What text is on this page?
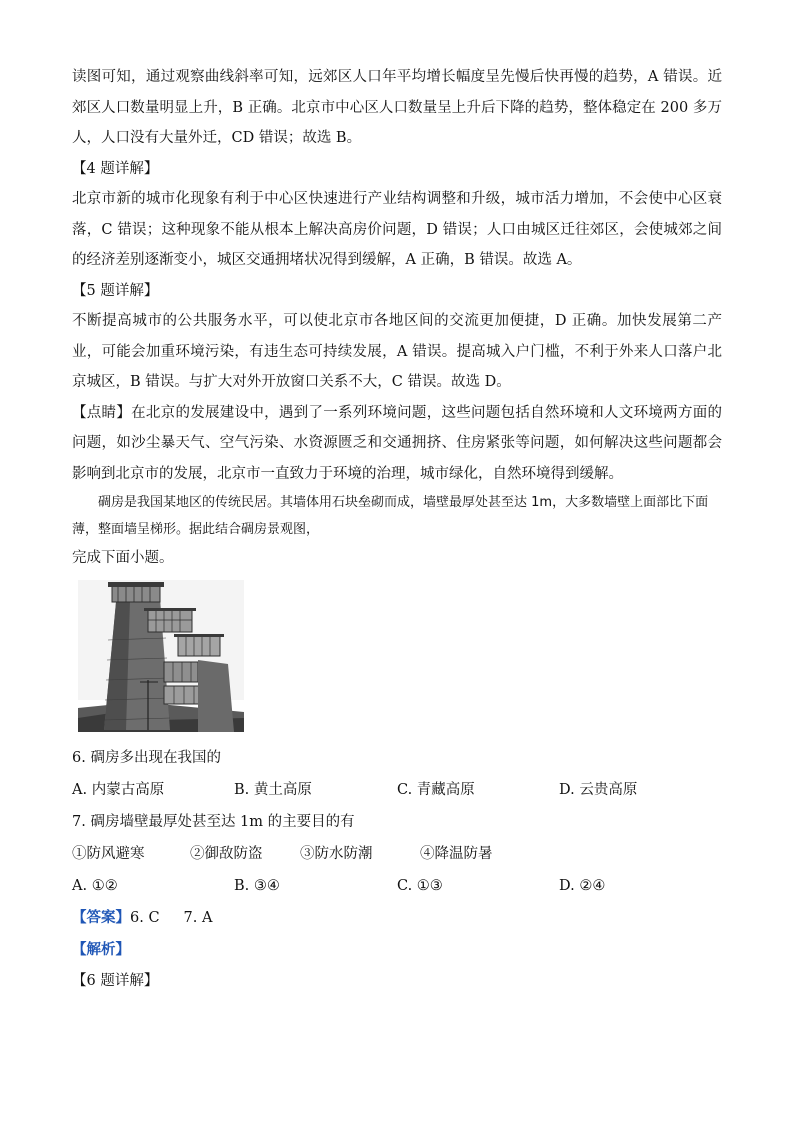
读图可知，通过观察曲线斜率可知，远郊区人口年平均增长幅度呈先慢后快再慢的趋势，A 错误。近郊区人口数量明显上升，B 正确。北京市中心区人口数量呈上升后下降的趋势，整体稳定在 200 多万人，人口没有大量外迁，CD 错误；故选 B。

【4 题详解】

北京市新的城市化现象有利于中心区快速进行产业结构调整和升级，城市活力增加，不会使中心区衰落，C 错误；这种现象不能从根本上解决高房价问题，D 错误；人口由城区迁往郊区，会使城郊之间的经济差别逐渐变小，城区交通拥堵状况得到缓解，A 正确，B 错误。故选 A。

【5 题详解】

不断提高城市的公共服务水平，可以使北京市各地区间的交流更加便捷，D 正确。加快发展第二产业，可能会加重环境污染，有违生态可持续发展，A 错误。提高城入户门槛，不利于外来人口落户北京城区，B 错误。与扩大对外开放窗口关系不大，C 错误。故选 D。

【点睛】在北京的发展建设中，遇到了一系列环境问题，这些问题包括自然环境和人文环境两方面的问题，如沙尘暴天气、空气污染、水资源匮乏和交通拥挤、住房紧张等问题，如何解决这些问题都会影响到北京市的发展，北京市一直致力于环境的治理，城市绿化，自然环境得到缓解。

碉房是我国某地区的传统民居。其墙体用石块垒砌而成，墙壁最厚处甚至达 1m，大多数墙壁上面部比下面薄，整面墙呈梯形。据此结合碉房景观图，

完成下面小题。

6. 碉房多出现在我国的

A. 内蒙古高原	B. 黄土高原	C. 青藏高原	D. 云贵高原

7. 碉房墙壁最厚处甚至达 1m 的主要目的有

①防风避寒	②御敌防盗	③防水防潮	④降温防暑
A. ①②	B. ③④	C. ①③	D. ②④

【答案】6. C 7. A

【解析】

【6 题详解】
